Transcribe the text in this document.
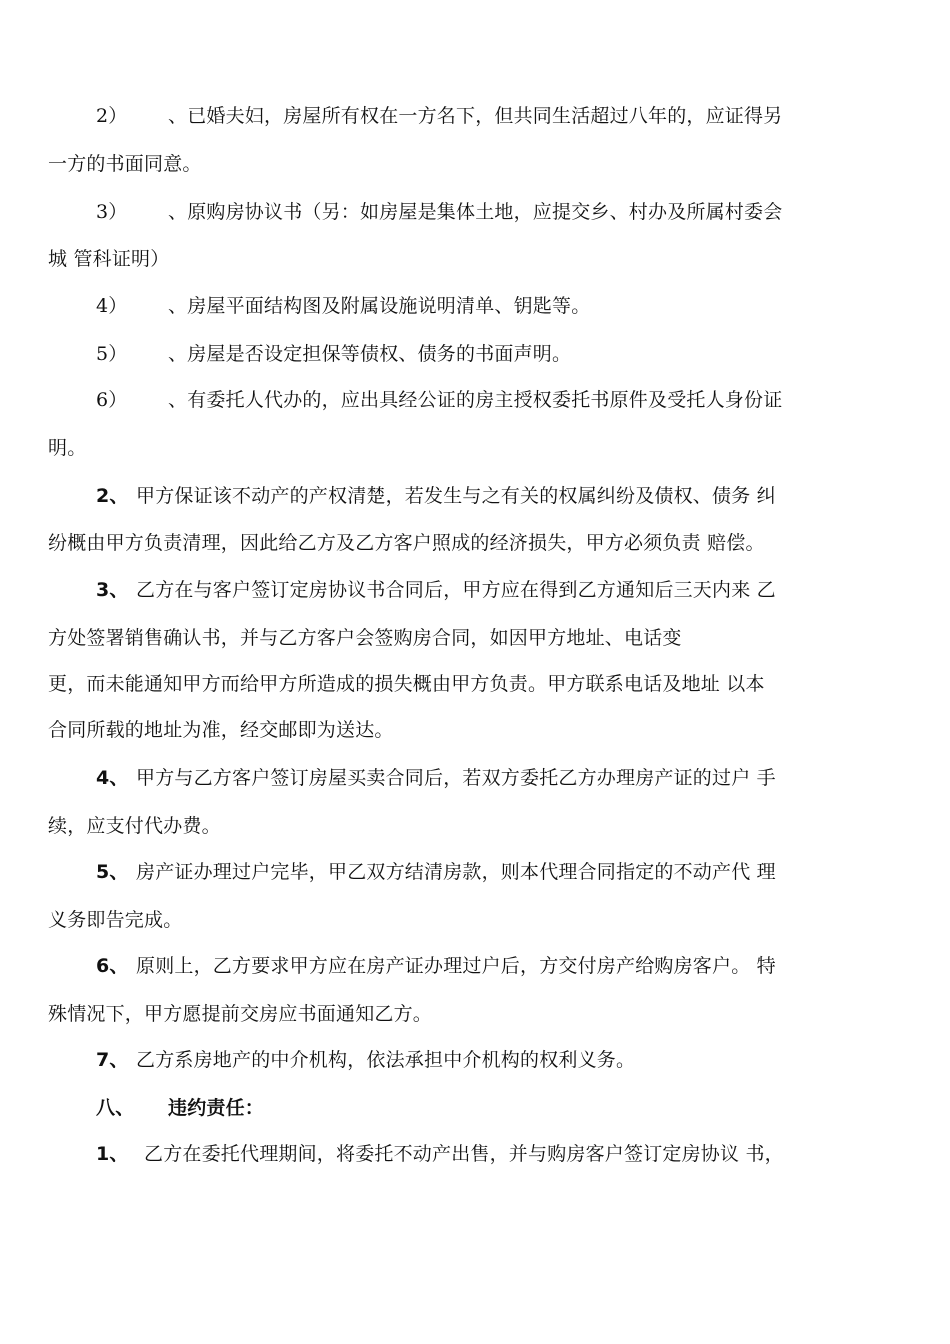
2） 、已婚夫妇，房屋所有权在一方名下，但共同生活超过八年的，应证得另
一方的书面同意。
3） 、原购房协议书（另：如房屋是集体土地，应提交乡、村办及所属村委会
城 管科证明）
4） 、房屋平面结构图及附属设施说明清单、钥匙等。
5） 、房屋是否设定担保等债权、债务的书面声明。
6） 、有委托人代办的，应出具经公证的房主授权委托书原件及受托人身份证
明。
2、 甲方保证该不动产的产权清楚，若发生与之有关的权属纠纷及债权、债务 纠
纷概由甲方负责清理，因此给乙方及乙方客户照成的经济损失，甲方必须负责 赔偿。
3、 乙方在与客户签订定房协议书合同后，甲方应在得到乙方通知后三天内来 乙
方处签署销售确认书，并与乙方客户会签购房合同，如因甲方地址、电话变
更，而未能通知甲方而给甲方所造成的损失概由甲方负责。甲方联系电话及地址 以本
合同所载的地址为准，经交邮即为送达。
4、 甲方与乙方客户签订房屋买卖合同后，若双方委托乙方办理房产证的过户 手
续，应支付代办费。
5、 房产证办理过户完毕，甲乙双方结清房款，则本代理合同指定的不动产代 理
义务即告完成。
6、 原则上，乙方要求甲方应在房产证办理过户后，方交付房产给购房客户。 特
殊情况下，甲方愿提前交房应书面通知乙方。
7、 乙方系房地产的中介机构，依法承担中介机构的权利义务。
八、 违约责任：
1、 乙方在委托代理期间，将委托不动产出售，并与购房客户签订定房协议 书，
